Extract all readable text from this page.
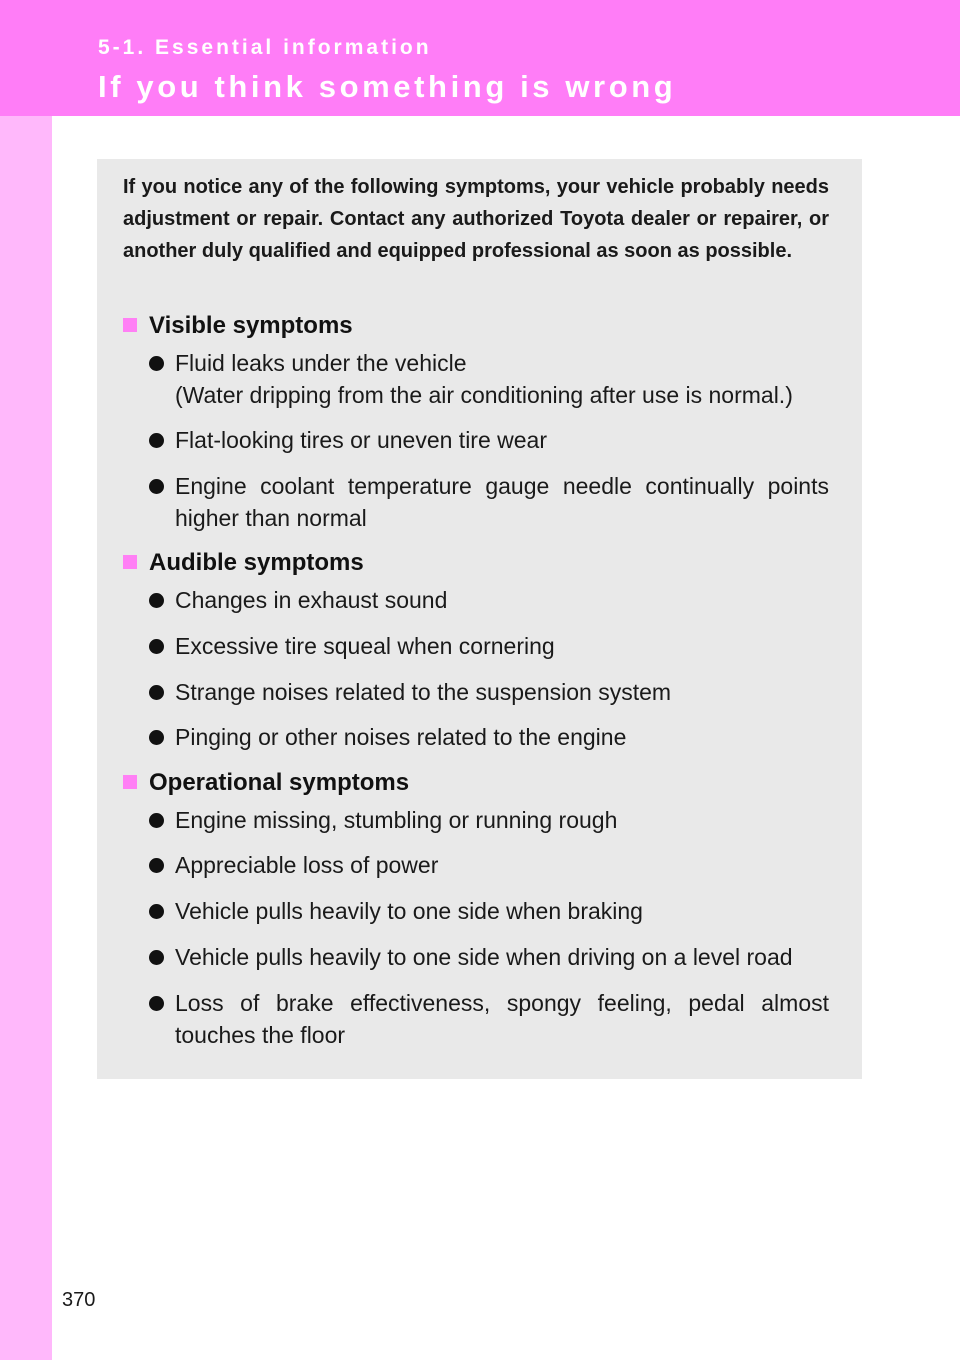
5-1. Essential information
If you think something is wrong
If you notice any of the following symptoms, your vehicle probably needs adjustment or repair. Contact any authorized Toyota dealer or repairer, or another duly qualified and equipped professional as soon as possible.
Visible symptoms
Fluid leaks under the vehicle
(Water dripping from the air conditioning after use is normal.)
Flat-looking tires or uneven tire wear
Engine coolant temperature gauge needle continually points higher than normal
Audible symptoms
Changes in exhaust sound
Excessive tire squeal when cornering
Strange noises related to the suspension system
Pinging or other noises related to the engine
Operational symptoms
Engine missing, stumbling or running rough
Appreciable loss of power
Vehicle pulls heavily to one side when braking
Vehicle pulls heavily to one side when driving on a level road
Loss of brake effectiveness, spongy feeling, pedal almost touches the floor
370
